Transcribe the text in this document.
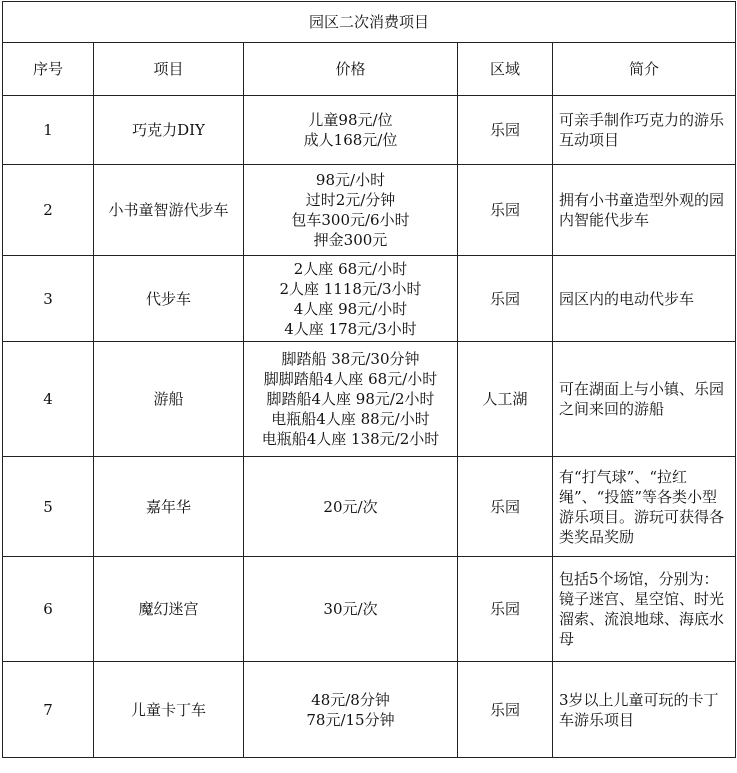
园区二次消费项目				
序号	项目	价格	区域	简介
1	巧克力DIY	儿童98元/位
成人168元/位	乐园	可亲手制作巧克力的游乐互动项目

2	小书童智游代步车	98元/小时
过时2元/分钟
包车300元/6小时
押金300元	乐园	拥有小书童造型外观的园内智能代步车

3	代步车	2人座 68元/小时
2人座 1118元/3小时
4人座 98元/小时
4人座 178元/3小时	乐园	园区内的电动代步车

4	游船	脚踏船 38元/30分钟
脚脚踏船4人座 68元/小时
脚踏船4人座 98元/2小时
电瓶船4人座 88元/小时
电瓶船4人座 138元/2小时	人工湖	可在湖面上与小镇、乐园之间来回的游船

5	嘉年华	20元/次	乐园	有“打气球”、“拉红绳”、“投篮”等各类小型游乐项目。游玩可获得各类奖品奖励

6	魔幻迷宫	30元/次	乐园	包括5个场馆，分别为：镜子迷宫、星空馆、时光溜索、流浪地球、海底水母

7	儿童卡丁车	48元/8分钟
78元/15分钟	乐园	3岁以上儿童可玩的卡丁车游乐项目
